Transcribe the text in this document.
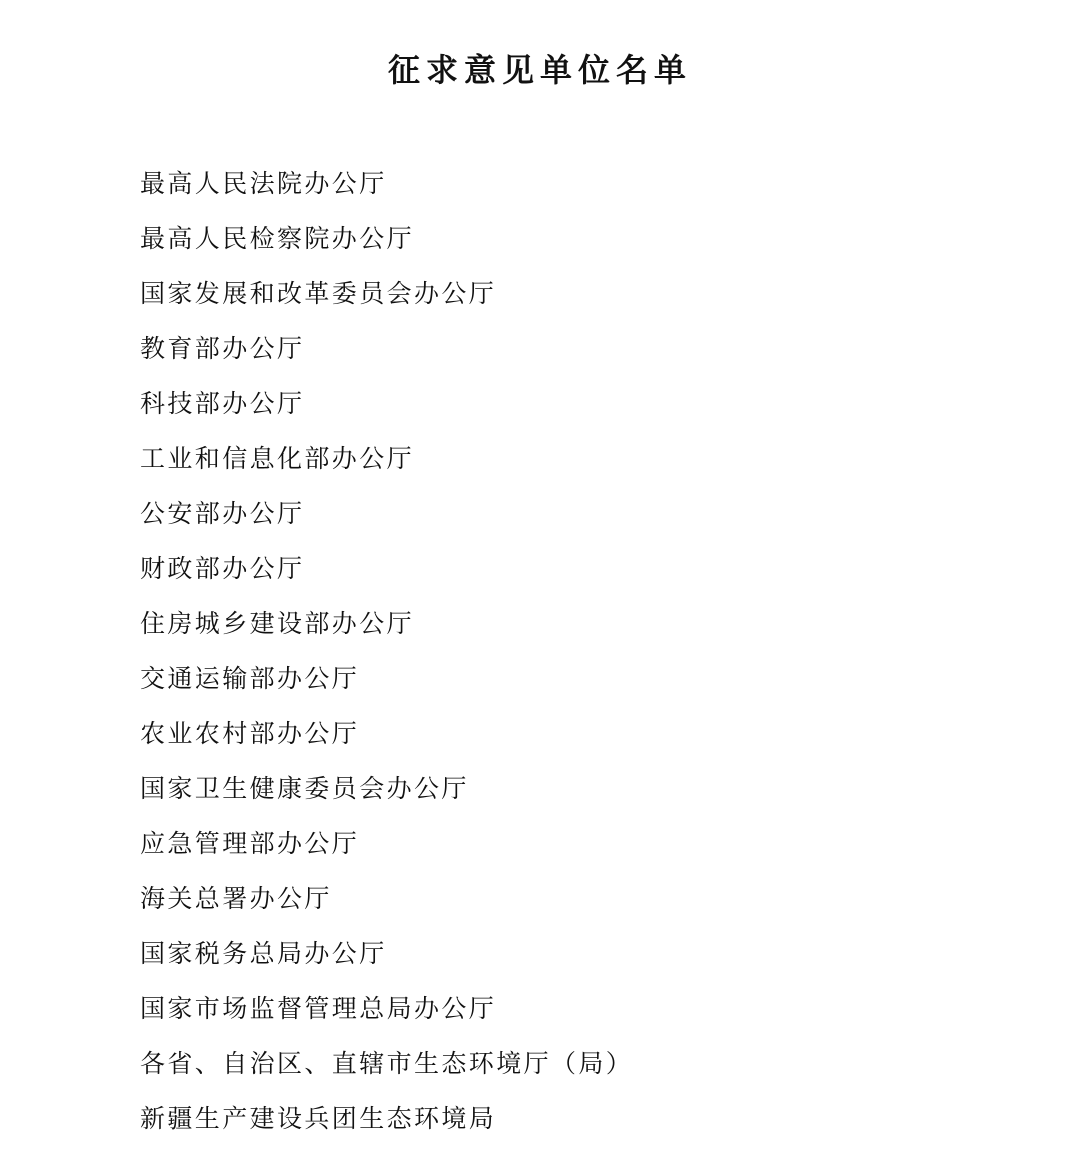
征求意见单位名单
最高人民法院办公厅
最高人民检察院办公厅
国家发展和改革委员会办公厅
教育部办公厅
科技部办公厅
工业和信息化部办公厅
公安部办公厅
财政部办公厅
住房城乡建设部办公厅
交通运输部办公厅
农业农村部办公厅
国家卫生健康委员会办公厅
应急管理部办公厅
海关总署办公厅
国家税务总局办公厅
国家市场监督管理总局办公厅
各省、自治区、直辖市生态环境厅（局）
新疆生产建设兵团生态环境局
